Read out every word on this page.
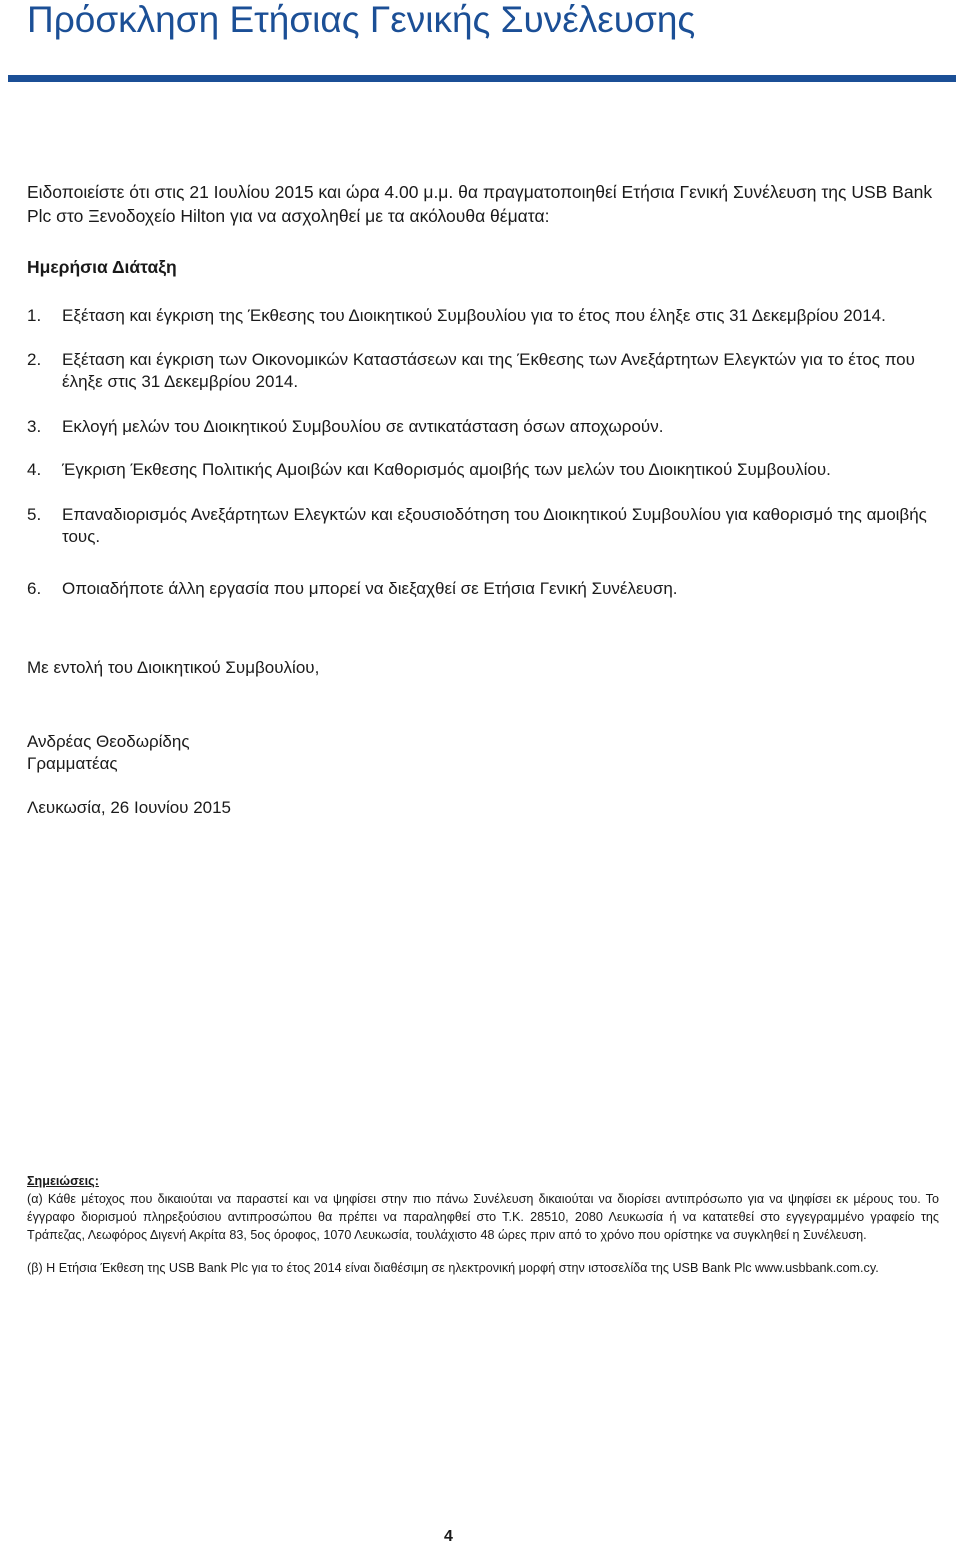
Πρόσκληση Ετήσιας Γενικής Συνέλευσης

Ειδοποιείστε ότι στις 21 Ιουλίου 2015 και ώρα 4.00 μ.μ. θα πραγματοποιηθεί Ετήσια Γενική Συνέλευση της USB Bank Plc στο Ξενοδοχείο Hilton για να ασχοληθεί με τα ακόλουθα θέματα:

Ημερήσια Διάταξη

1.	Εξέταση και έγκριση της Έκθεσης του Διοικητικού Συμβουλίου για το έτος που έληξε στις 31 Δεκεμβρίου 2014.
2.	Εξέταση και έγκριση των Οικονομικών Καταστάσεων και της Έκθεσης των Ανεξάρτητων Ελεγκτών για το έτος που έληξε στις 31 Δεκεμβρίου 2014.
3.	Εκλογή μελών του Διοικητικού Συμβουλίου σε αντικατάσταση όσων αποχωρούν.
4.	Έγκριση Έκθεσης Πολιτικής Αμοιβών και Καθορισμός αμοιβής των μελών του Διοικητικού Συμβουλίου.
5.	Επαναδιορισμός Ανεξάρτητων Ελεγκτών και εξουσιοδότηση του Διοικητικού Συμβουλίου για καθορισμό της αμοιβής τους.
6.	Οποιαδήποτε άλλη εργασία που μπορεί να διεξαχθεί σε Ετήσια Γενική Συνέλευση.

Με εντολή του Διοικητικού Συμβουλίου,

Ανδρέας Θεοδωρίδης

Γραμματέας

Λευκωσία, 26 Ιουνίου 2015

Σημειώσεις:

(α) Κάθε μέτοχος που δικαιούται να παραστεί και να ψηφίσει στην πιο πάνω Συνέλευση δικαιούται να διορίσει αντιπρόσωπο για να ψηφίσει εκ μέρους του. Το έγγραφο διορισμού πληρεξούσιου αντιπροσώπου θα πρέπει να παραληφθεί στο Τ.Κ. 28510, 2080 Λευκωσία ή να κατατεθεί στο εγγεγραμμένο γραφείο της Τράπεζας, Λεωφόρος Διγενή Ακρίτα 83, 5ος όροφος, 1070 Λευκωσία, τουλάχιστο 48 ώρες πριν από το χρόνο που ορίστηκε να συγκληθεί η Συνέλευση.

(β) Η Ετήσια Έκθεση της USB Bank Plc για το έτος 2014 είναι διαθέσιμη σε ηλεκτρονική μορφή στην ιστοσελίδα της USB Bank Plc www.usbbank.com.cy.

4
